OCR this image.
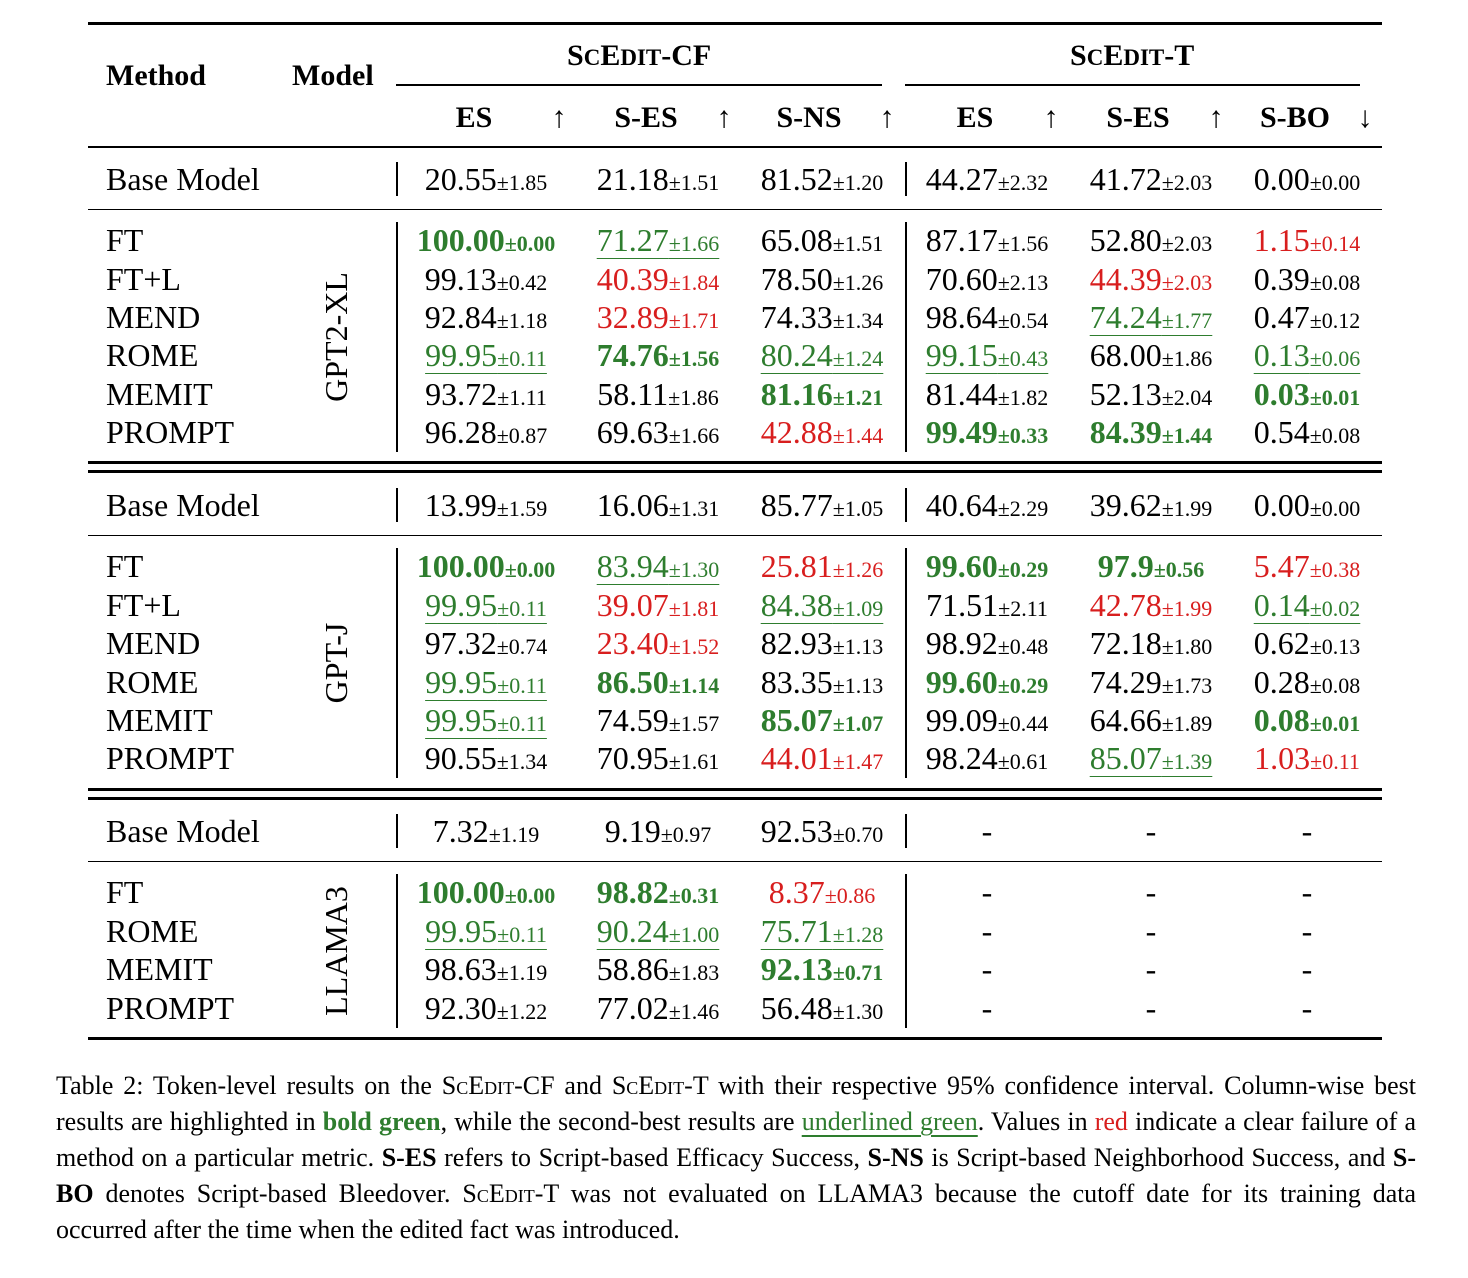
Method	Model
SCEDIT-CF	SCEDIT-T
ES ↑ S-ES ↑ S-NS ↑ ES ↑ S-ES ↑ S-BO ↓
Base Model	20.55±1.85 21.18±1.51 81.52±1.20 44.27±2.32 41.72±2.03 0.00±0.00
FT	100.00±0.00 71.27±1.66 65.08±1.51 87.17±1.56 52.80±2.03 1.15±0.14
FT+L	99.13±0.42 40.39±1.84 78.50±1.26 70.60±2.13 44.39±2.03 0.39±0.08
MEND	92.84±1.18 32.89±1.71 74.33±1.34 98.64±0.54 74.24±1.77 0.47±0.12
ROME	99.95±0.11 74.76±1.56 80.24±1.24 99.15±0.43 68.00±1.86 0.13±0.06
MEMIT	93.72±1.11 58.11±1.86 81.16±1.21 81.44±1.82 52.13±2.04 0.03±0.01
PROMPT	96.28±0.87 69.63±1.66 42.88±1.44 99.49±0.33 84.39±1.44 0.54±0.08
GPT2-XL
Base Model	13.99±1.59 16.06±1.31 85.77±1.05 40.64±2.29 39.62±1.99 0.00±0.00
FT	100.00±0.00 83.94±1.30 25.81±1.26 99.60±0.29 97.9±0.56 5.47±0.38
FT+L	99.95±0.11 39.07±1.81 84.38±1.09 71.51±2.11 42.78±1.99 0.14±0.02
MEND	97.32±0.74 23.40±1.52 82.93±1.13 98.92±0.48 72.18±1.80 0.62±0.13
ROME	99.95±0.11 86.50±1.14 83.35±1.13 99.60±0.29 74.29±1.73 0.28±0.08
MEMIT	99.95±0.11 74.59±1.57 85.07±1.07 99.09±0.44 64.66±1.89 0.08±0.01
PROMPT	90.55±1.34 70.95±1.61 44.01±1.47 98.24±0.61 85.07±1.39 1.03±0.11
GPT-J
Base Model	7.32±1.19 9.19±0.97 92.53±0.70	-	-	-
FT	100.00±0.00 98.82±0.31 8.37±0.86	-	-	-
ROME	99.95±0.11 90.24±1.00 75.71±1.28	-	-	-
MEMIT	98.63±1.19 58.86±1.83 92.13±0.71	-	-	-
PROMPT	92.30±1.22 77.02±1.46 56.48±1.30	-	-	-
LLAMA3
Table 2: Token-level results on the ScEdit-CF and ScEdit-T with their respective 95% confidence interval. Column-wise best results are highlighted in bold green, while the second-best results are underlined green. Values in red indicate a clear failure of a method on a particular metric. S-ES refers to Script-based Efficacy Success, S-NS is Script-based Neighborhood Success, and S-BO denotes Script-based Bleedover. ScEdit-T was not evaluated on LLAMA3 because the cutoff date for its training data occurred after the time when the edited fact was introduced.
